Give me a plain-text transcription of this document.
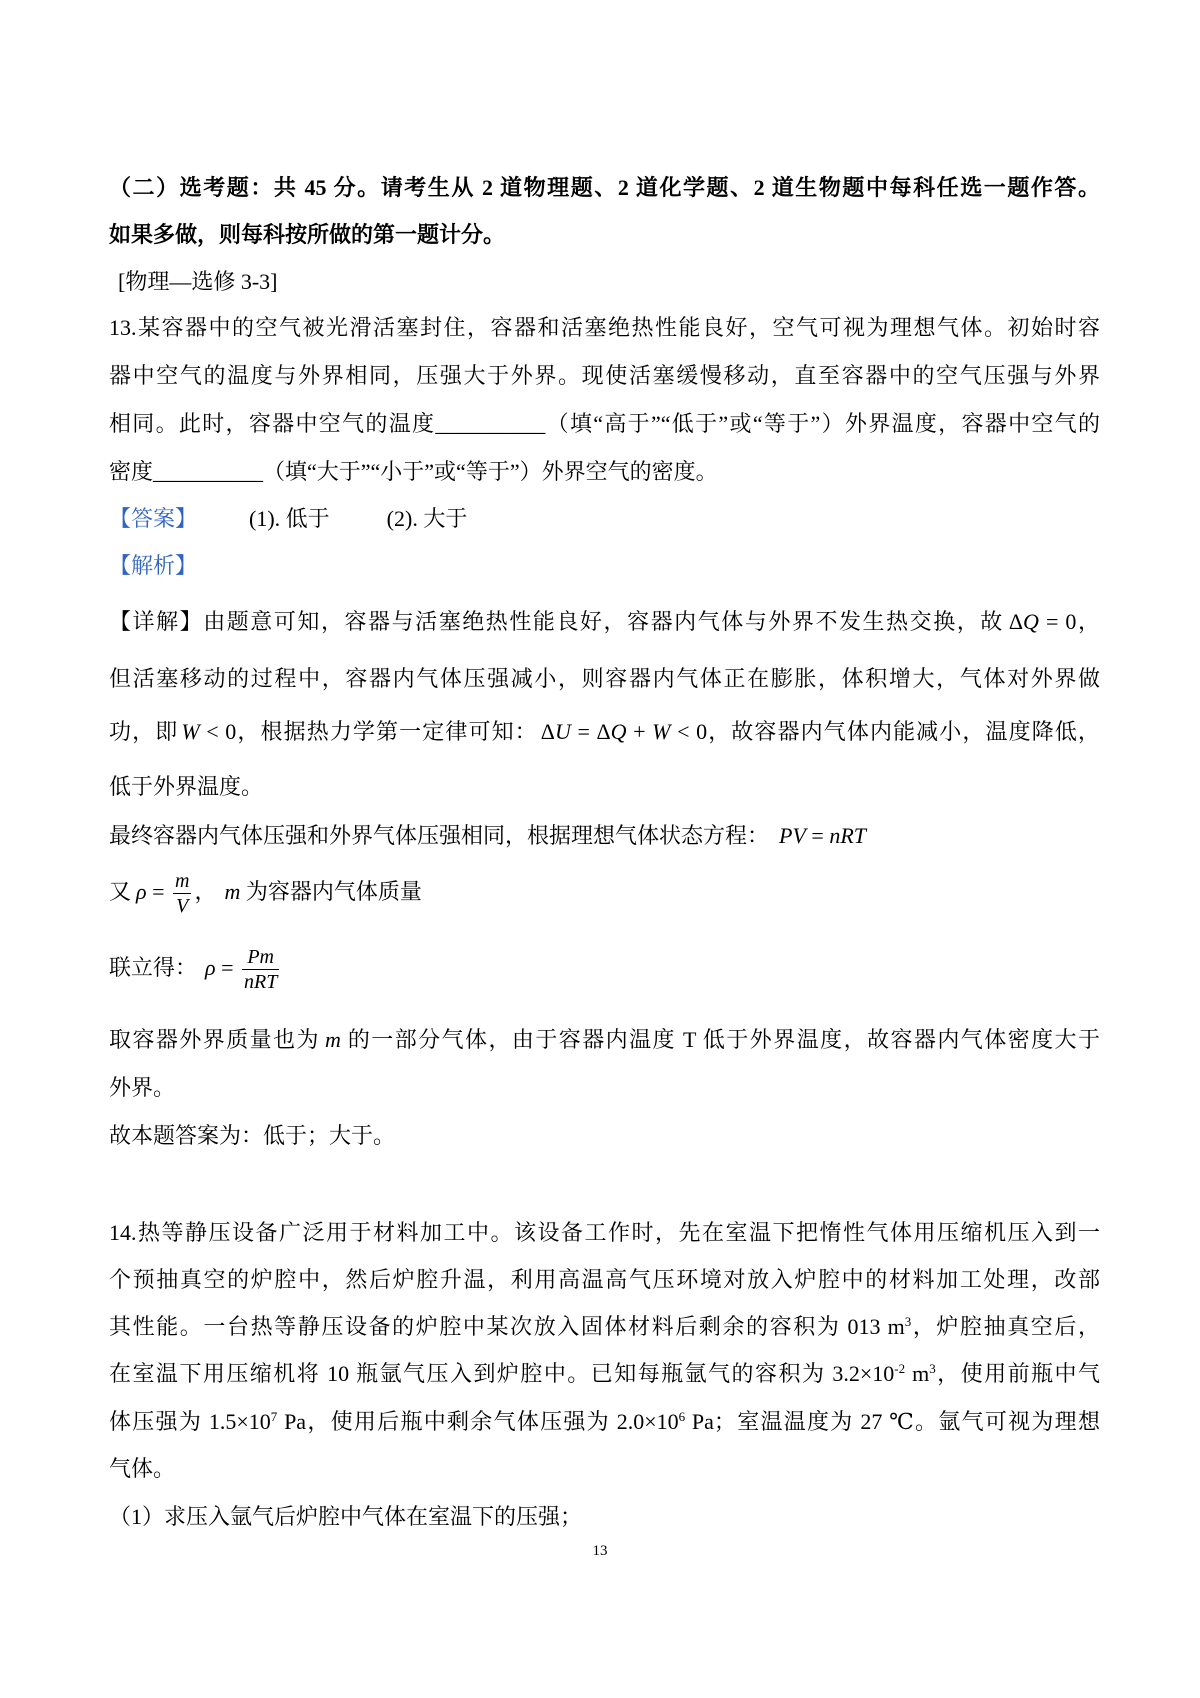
（二）选考题：共 45 分。请考生从 2 道物理题、2 道化学题、2 道生物题中每科任选一题作答。
如果多做，则每科按所做的第一题计分。
[物理—选修 3-3]
13.某容器中的空气被光滑活塞封住，容器和活塞绝热性能良好，空气可视为理想气体。初始时容
器中空气的温度与外界相同，压强大于外界。现使活塞缓慢移动，直至容器中的空气压强与外界
相同。此时，容器中空气的温度__________（填“高于”“低于”或“等于”）外界温度，容器中空气的
密度__________（填“大于”“小于”或“等于”）外界空气的密度。
【答案】 (1). 低于	(2). 大于
【解析】
【详解】由题意可知，容器与活塞绝热性能良好，容器内气体与外界不发生热交换，故 ΔQ = 0，
但活塞移动的过程中，容器内气体压强减小，则容器内气体正在膨胀，体积增大，气体对外界做
功，即 W < 0，根据热力学第一定律可知： ΔU = ΔQ + W < 0，故容器内气体内能减小，温度降低，
低于外界温度。
最终容器内气体压强和外界气体压强相同，根据理想气体状态方程： PV = nRT
又 $\rho = \frac{m}{V}$ ， m 为容器内气体质量
联立得： $\rho = \frac{Pm}{\text{nRT}}$
取容器外界质量也为 m 的一部分气体，由于容器内温度 T 低于外界温度，故容器内气体密度大于
外界。
故本题答案为：低于；大于。
14.热等静压设备广泛用于材料加工中。该设备工作时，先在室温下把惰性气体用压缩机压入到一
个预抽真空的炉腔中，然后炉腔升温，利用高温高气压环境对放入炉腔中的材料加工处理，改部
其性能。一台热等静压设备的炉腔中某次放入固体材料后剩余的容积为 013 $m^3$，炉腔抽真空后，
在室温下用压缩机将 10 瓶氩气压入到炉腔中。已知每瓶氩气的容积为 $3.2\times 10^{-2}$ $m^3$，使用前瓶中气
体压强为 $1.5\times 10^7$ Pa，使用后瓶中剩余气体压强为 $2.0\times 10^6$ Pa；室温温度为 27 ℃。氩气可视为理想
气体。
（1）求压入氩气后炉腔中气体在室温下的压强；
13
